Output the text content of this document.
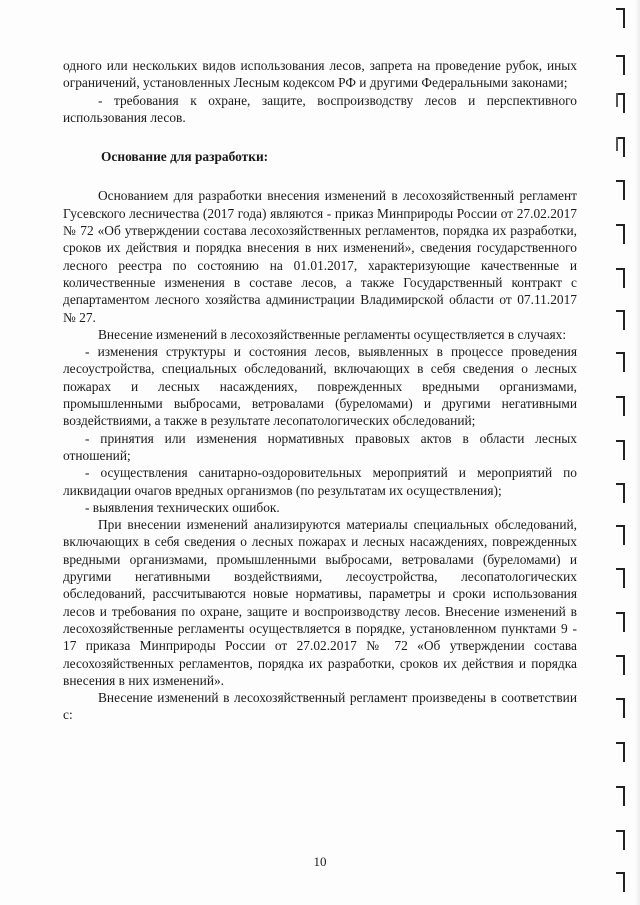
одного или нескольких видов использования лесов, запрета на проведение рубок, иных ограничений, установленных Лесным кодексом РФ и другими Федеральными законами;

- требования к охране, защите, воспроизводству лесов и перспективного использования лесов.

Основание для разработки:

Основанием для разработки внесения изменений в лесохозяйственный регламент Гусевского лесничества (2017 года) являются - приказ Минприроды России от 27.02.2017 № 72 «Об утверждении состава лесохозяйственных регламентов, порядка их разработки, сроков их действия и порядка внесения в них изменений», сведения государственного лесного реестра по состоянию на 01.01.2017, характеризующие качественные и количественные изменения в составе лесов, а также Государственный контракт с департаментом лесного хозяйства администрации Владимирской области от 07.11.2017 № 27.

Внесение изменений в лесохозяйственные регламенты осуществляется в случаях:

- изменения структуры и состояния лесов, выявленных в процессе проведения лесоустройства, специальных обследований, включающих в себя сведения о лесных пожарах и лесных насаждениях, поврежденных вредными организмами, промышленными выбросами, ветровалами (буреломами) и другими негативными воздействиями, а также в результате лесопатологических обследований;

- принятия или изменения нормативных правовых актов в области лесных отношений;

- осуществления санитарно-оздоровительных мероприятий и мероприятий по ликвидации очагов вредных организмов (по результатам их осуществления);

- выявления технических ошибок.

При внесении изменений анализируются материалы специальных обследований, включающих в себя сведения о лесных пожарах и лесных насаждениях, поврежденных вредными организмами, промышленными выбросами, ветровалами (буреломами) и другими негативными воздействиями, лесоустройства, лесопатологических обследований, рассчитываются новые нормативы, параметры и сроки использования лесов и требования по охране, защите и воспроизводству лесов. Внесение изменений в лесохозяйственные регламенты осуществляется в порядке, установленном пунктами 9 - 17 приказа Минприроды России от 27.02.2017 № 72 «Об утверждении состава лесохозяйственных регламентов, порядка их разработки, сроков их действия и порядка внесения в них изменений».

Внесение изменений в лесохозяйственный регламент произведены в соответствии с:

10
